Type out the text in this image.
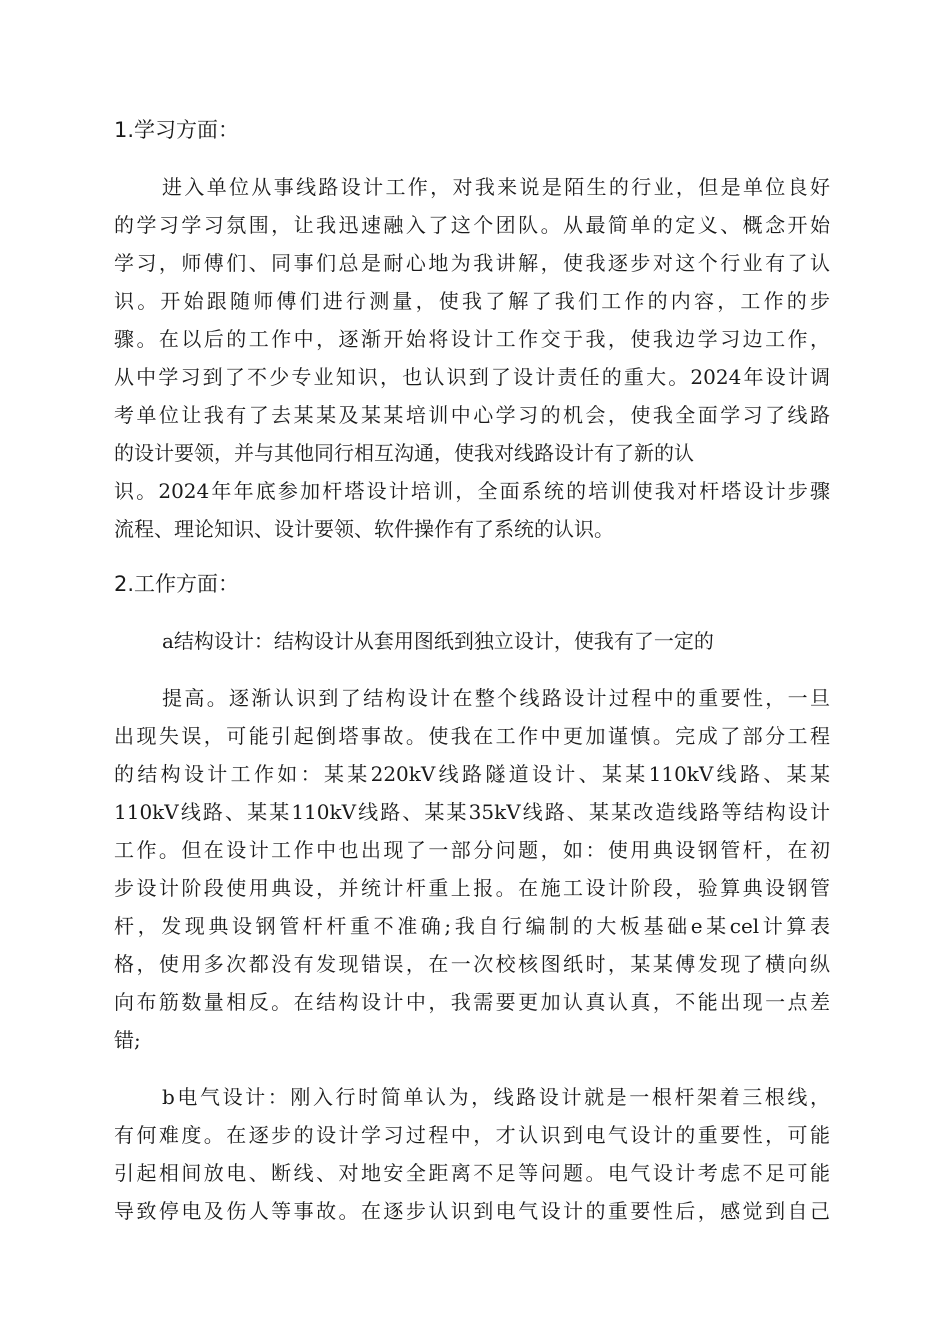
1.学习方面：
进入单位从事线路设计工作，对我来说是陌生的行业，但是单位良好
的学习学习氛围，让我迅速融入了这个团队。从最简单的定义、概念开始
学习，师傅们、同事们总是耐心地为我讲解，使我逐步对这个行业有了认
识。开始跟随师傅们进行测量，使我了解了我们工作的内容，工作的步
骤。在以后的工作中，逐渐开始将设计工作交于我，使我边学习边工作，
从中学习到了不少专业知识，也认识到了设计责任的重大。2024年设计调
考单位让我有了去某某及某某培训中心学习的机会，使我全面学习了线路
的设计要领，并与其他同行相互沟通，使我对线路设计有了新的认
识。2024年年底参加杆塔设计培训，全面系统的培训使我对杆塔设计步骤
流程、理论知识、设计要领、软件操作有了系统的认识。
2.工作方面：
a结构设计：结构设计从套用图纸到独立设计，使我有了一定的
提高。逐渐认识到了结构设计在整个线路设计过程中的重要性，一旦
出现失误，可能引起倒塔事故。使我在工作中更加谨慎。完成了部分工程
的结构设计工作如：某某220kV线路隧道设计、某某110kV线路、某某
110kV线路、某某110kV线路、某某35kV线路、某某改造线路等结构设计
工作。但在设计工作中也出现了一部分问题，如：使用典设钢管杆，在初
步设计阶段使用典设，并统计杆重上报。在施工设计阶段，验算典设钢管
杆，发现典设钢管杆杆重不准确;我自行编制的大板基础e某cel计算表
格，使用多次都没有发现错误，在一次校核图纸时，某某傅发现了横向纵
向布筋数量相反。在结构设计中，我需要更加认真认真，不能出现一点差
错;
b电气设计：刚入行时简单认为，线路设计就是一根杆架着三根线，
有何难度。在逐步的设计学习过程中，才认识到电气设计的重要性，可能
引起相间放电、断线、对地安全距离不足等问题。电气设计考虑不足可能
导致停电及伤人等事故。在逐步认识到电气设计的重要性后，感觉到自己
